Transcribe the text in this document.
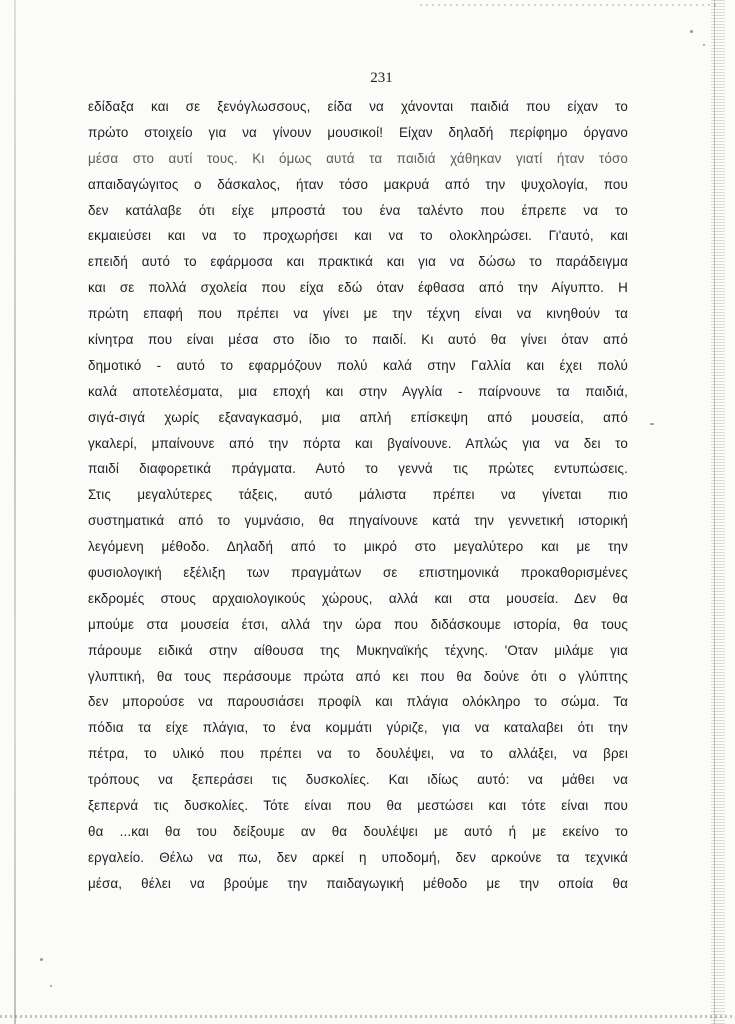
231
εδίδαξα και σε ξενόγλωσσους, είδα να χάνονται παιδιά που είχαν το
πρώτο στοιχείο για να γίνουν μουσικοί! Είχαν δηλαδή περίφημο όργανο
μέσα στο αυτί τους. Κι όμως αυτά τα παιδιά χάθηκαν γιατί ήταν τόσο
απαιδαγώγιτος ο δάσκαλος, ήταν τόσο μακρυά από την ψυχολογία, που
δεν κατάλαβε ότι είχε μπροστά του ένα ταλέντο που έπρεπε να το
εκμαιεύσει και να το προχωρήσει και να το ολοκληρώσει. Γι'αυτό, και
επειδή αυτό το εφάρμοσα και πρακτικά και για να δώσω το παράδειγμα
και σε πολλά σχολεία που είχα εδώ όταν έφθασα από την Αίγυπτο. Η
πρώτη επαφή που πρέπει να γίνει με την τέχνη είναι να κινηθούν τα
κίνητρα που είναι μέσα στο ίδιο το παιδί. Κι αυτό θα γίνει όταν από
δημοτικό - αυτό το εφαρμόζουν πολύ καλά στην Γαλλία και έχει πολύ
καλά αποτελέσματα, μια εποχή και στην Αγγλία - παίρνουνε τα παιδιά,
σιγά-σιγά χωρίς εξαναγκασμό, μια απλή επίσκεψη από μουσεία, από
γκαλερί, μπαίνουνε από την πόρτα και βγαίνουνε. Απλώς για να δει το
παιδί διαφορετικά πράγματα. Αυτό το γεννά τις πρώτες εντυπώσεις.
Στις μεγαλύτερες τάξεις, αυτό μάλιστα πρέπει να γίνεται πιο
συστηματικά από το γυμνάσιο, θα πηγαίνουνε κατά την γεννετική ιστορική
λεγόμενη μέθοδο. Δηλαδή από το μικρό στο μεγαλύτερο και με την
φυσιολογική εξέλιξη των πραγμάτων σε επιστημονικά προκαθορισμένες
εκδρομές στους αρχαιολογικούς χώρους, αλλά και στα μουσεία. Δεν θα
μπούμε στα μουσεία έτσι, αλλά την ώρα που διδάσκουμε ιστορία, θα τους
πάρουμε ειδικά στην αίθουσα της Μυκηναϊκής τέχνης. 'Οταν μιλάμε για
γλυπτική, θα τους περάσουμε πρώτα από κει που θα δούνε ότι ο γλύπτης
δεν μπορούσε να παρουσιάσει προφίλ και πλάγια ολόκληρο το σώμα. Τα
πόδια τα είχε πλάγια, το ένα κομμάτι γύριζε, για να καταλαβει ότι την
πέτρα, το υλικό που πρέπει να το δουλέψει, να το αλλάξει, να βρει
τρόπους να ξεπεράσει τις δυσκολίες. Και ιδίως αυτό: να μάθει να
ξεπερνά τις δυσκολίες. Τότε είναι που θα μεστώσει και τότε είναι που
θα ...και θα του δείξουμε αν θα δουλέψει με αυτό ή με εκείνο το
εργαλείο. Θέλω να πω, δεν αρκεί η υποδομή, δεν αρκούνε τα τεχνικά
μέσα, θέλει να βρούμε την παιδαγωγική μέθοδο με την οποία θα
